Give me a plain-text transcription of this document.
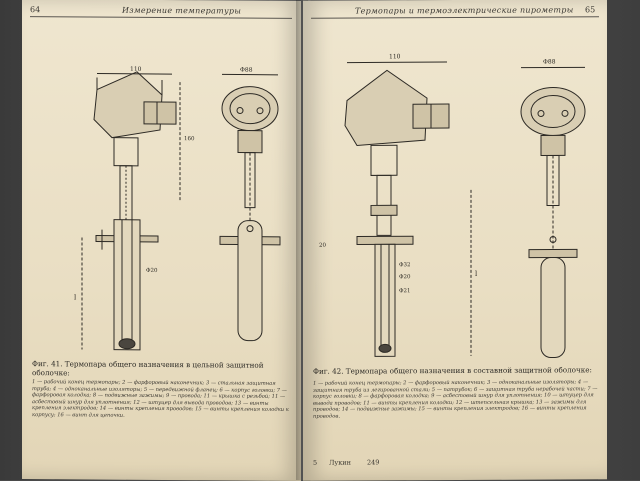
64	Измерение температуры
110
l
Φ20
160
Φ88
Фиг. 41. Термопара общего назначения в цельной защитной оболочке:
1 — рабочий конец термопары; 2 — фарфоровый наконечник; 3 — стальная защитная труба; 4 — одноканальные изоляторы; 5 — передвижной фланец; 6 — корпус головки; 7 — фарфоровая колодка; 8 — подвижные зажимы; 9 — провода; 11 — крышка с резьбой; 11 — асбестовый шнур для уплотнения; 12 — штуцер для вывода проводов; 13 — винты крепления электродов; 14 — винты крепления проводов; 15 — винты крепления колодки к корпусу; 16 — винт для цепочки.
Термопары и термоэлектрические пирометры 65
110
20
Φ32
Φ20
Φ21
l
Φ88
Фиг. 42. Термопара общего назначения в составной защитной оболочке:
1 — рабочий конец термопары; 2 — фарфоровый наконечник; 3 — одноканальные изоляторы; 4 — защитная труба из легированной стали; 5 — патрубок; 6 — защитная труба нерабочей части; 7 — корпус головки; 8 — фарфоровая колодка; 9 — асбестовый шнур для уплотнения; 10 — штуцер для вывода проводов; 11 — винты крепления колодки; 12 — штепсельная крышка; 13 — зажимы для проводов; 14 — подвижные зажимы; 15 — винты крепления электродов; 16 — винты крепления проводов.
5 Лукин 249
